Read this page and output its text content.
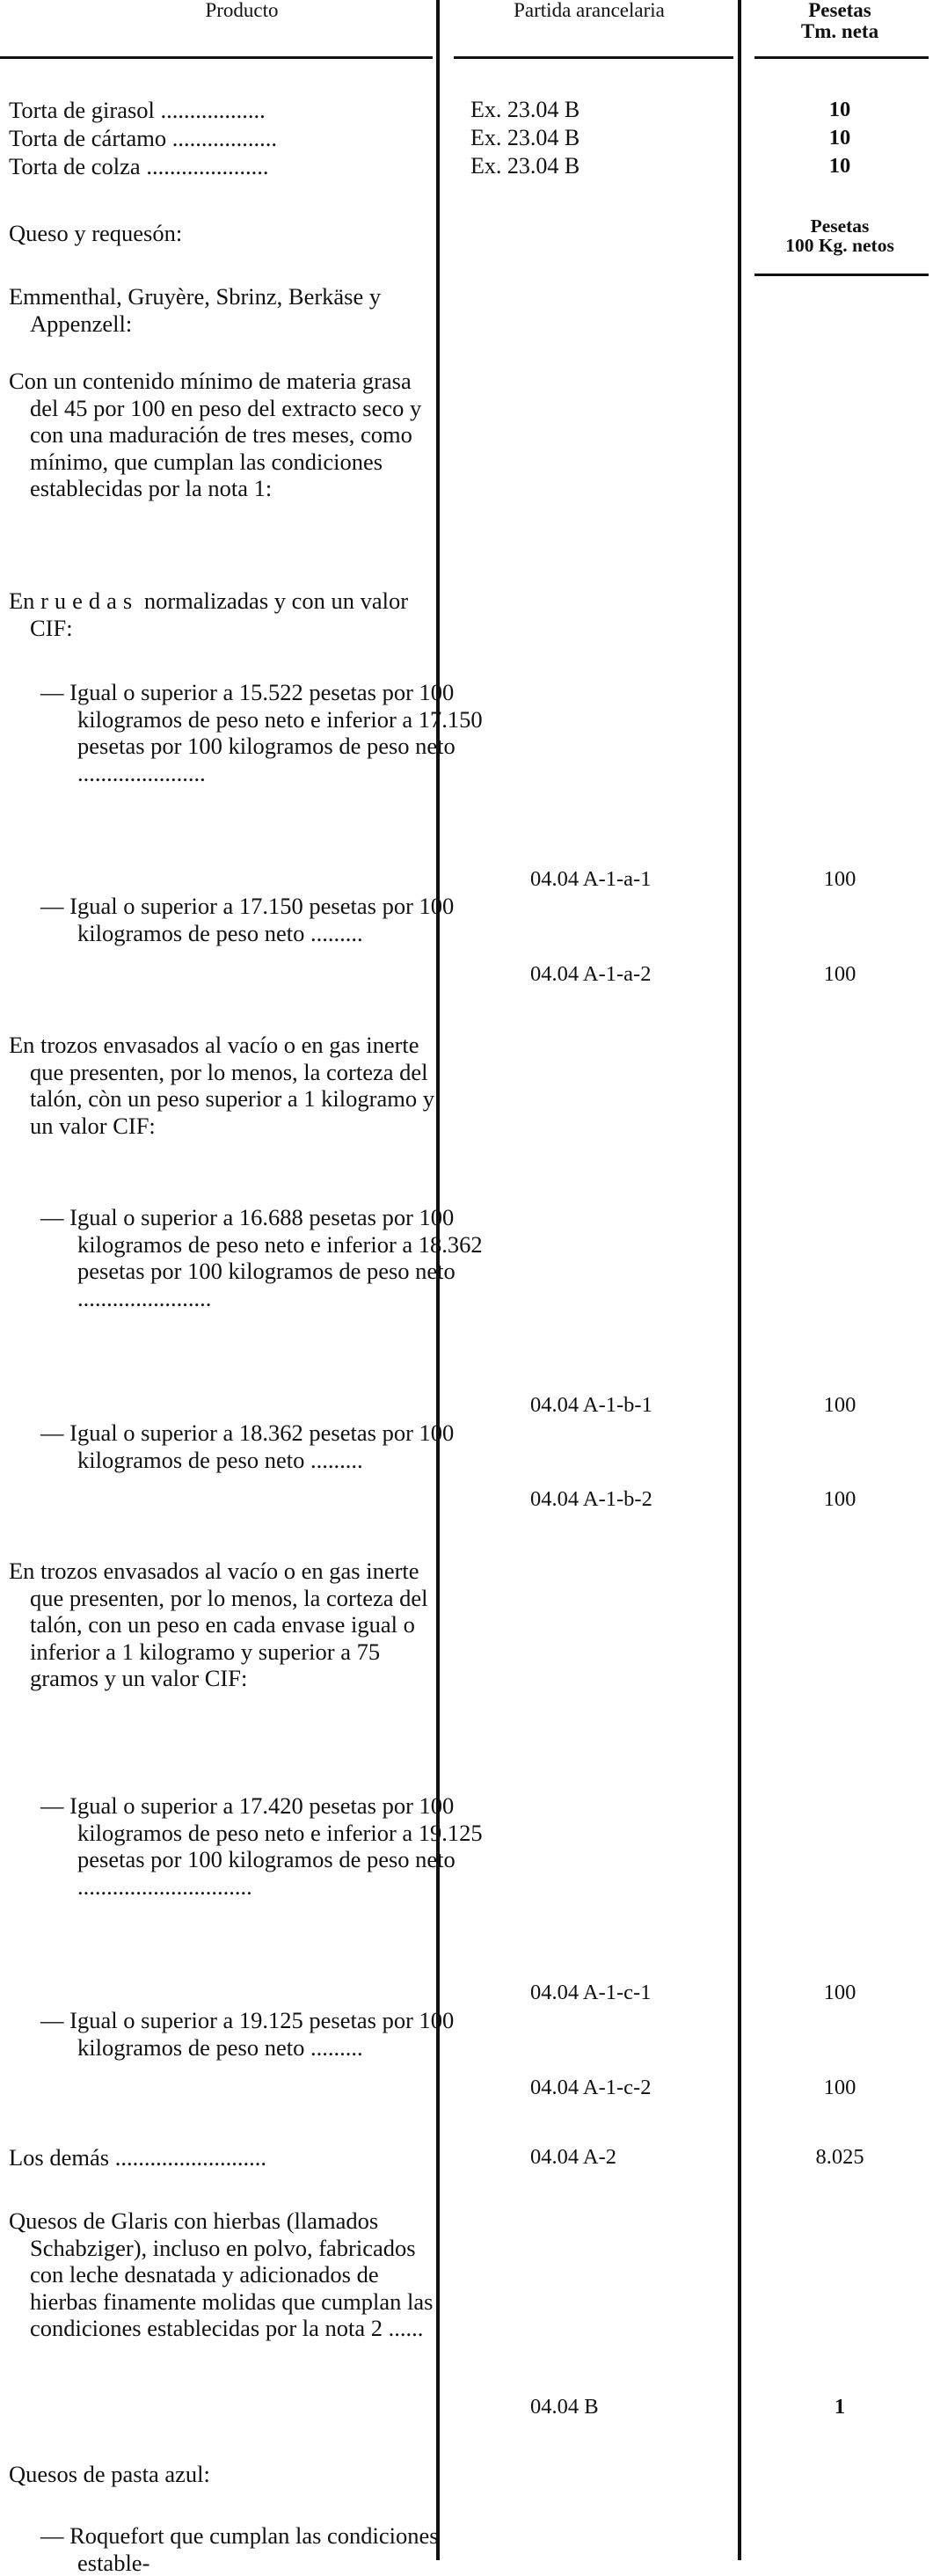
Producto	Partida arancelaria	Pesetas
Tm. neta
Torta de girasol ..................	Ex. 23.04 B	10
Torta de cártamo ..................	Ex. 23.04 B	10
Torta de colza .....................	Ex. 23.04 B	10
Queso y requesón:	Pesetas
100 Kg. netos
Emmenthal, Gruyère, Sbrinz, Berkäse y Appenzell:
Con un contenido mínimo de materia grasa del 45 por 100 en peso del extracto seco y con una maduración de tres meses, como mínimo, que cumplan las condiciones establecidas por la nota 1:
En ruedas normalizadas y con un valor CIF:
— Igual o superior a 15.522 pesetas por 100 kilogramos de peso neto e inferior a 17.150 pesetas por 100 kilogramos de peso neto ......................
04.04 A-1-a-1	100
— Igual o superior a 17.150 pesetas por 100 kilogramos de peso neto .........
04.04 A-1-a-2	100
En trozos envasados al vacío o en gas inerte que presenten, por lo menos, la corteza del talón, còn un peso superior a 1 kilogramo y un valor CIF:
— Igual o superior a 16.688 pesetas por 100 kilogramos de peso neto e inferior a 18.362 pesetas por 100 kilogramos de peso neto .......................
04.04 A-1-b-1	100
— Igual o superior a 18.362 pesetas por 100 kilogramos de peso neto .........
04.04 A-1-b-2	100
En trozos envasados al vacío o en gas inerte que presenten, por lo menos, la corteza del talón, con un peso en cada envase igual o inferior a 1 kilogramo y superior a 75 gramos y un valor CIF:
— Igual o superior a 17.420 pesetas por 100 kilogramos de peso neto e inferior a 19.125 pesetas por 100 kilogramos de peso neto ..............................
04.04 A-1-c-1	100
— Igual o superior a 19.125 pesetas por 100 kilogramos de peso neto .........
04.04 A-1-c-2	100
Los demás ..........................	04.04 A-2	8.025
Quesos de Glaris con hierbas (llamados Schabziger), incluso en polvo, fabricados con leche desnatada y adicionados de hierbas finamente molidas que cumplan las condiciones establecidas por la nota 2 ......
04.04 B	1
Quesos de pasta azul:
— Roquefort que cumplan las condiciones estable-
